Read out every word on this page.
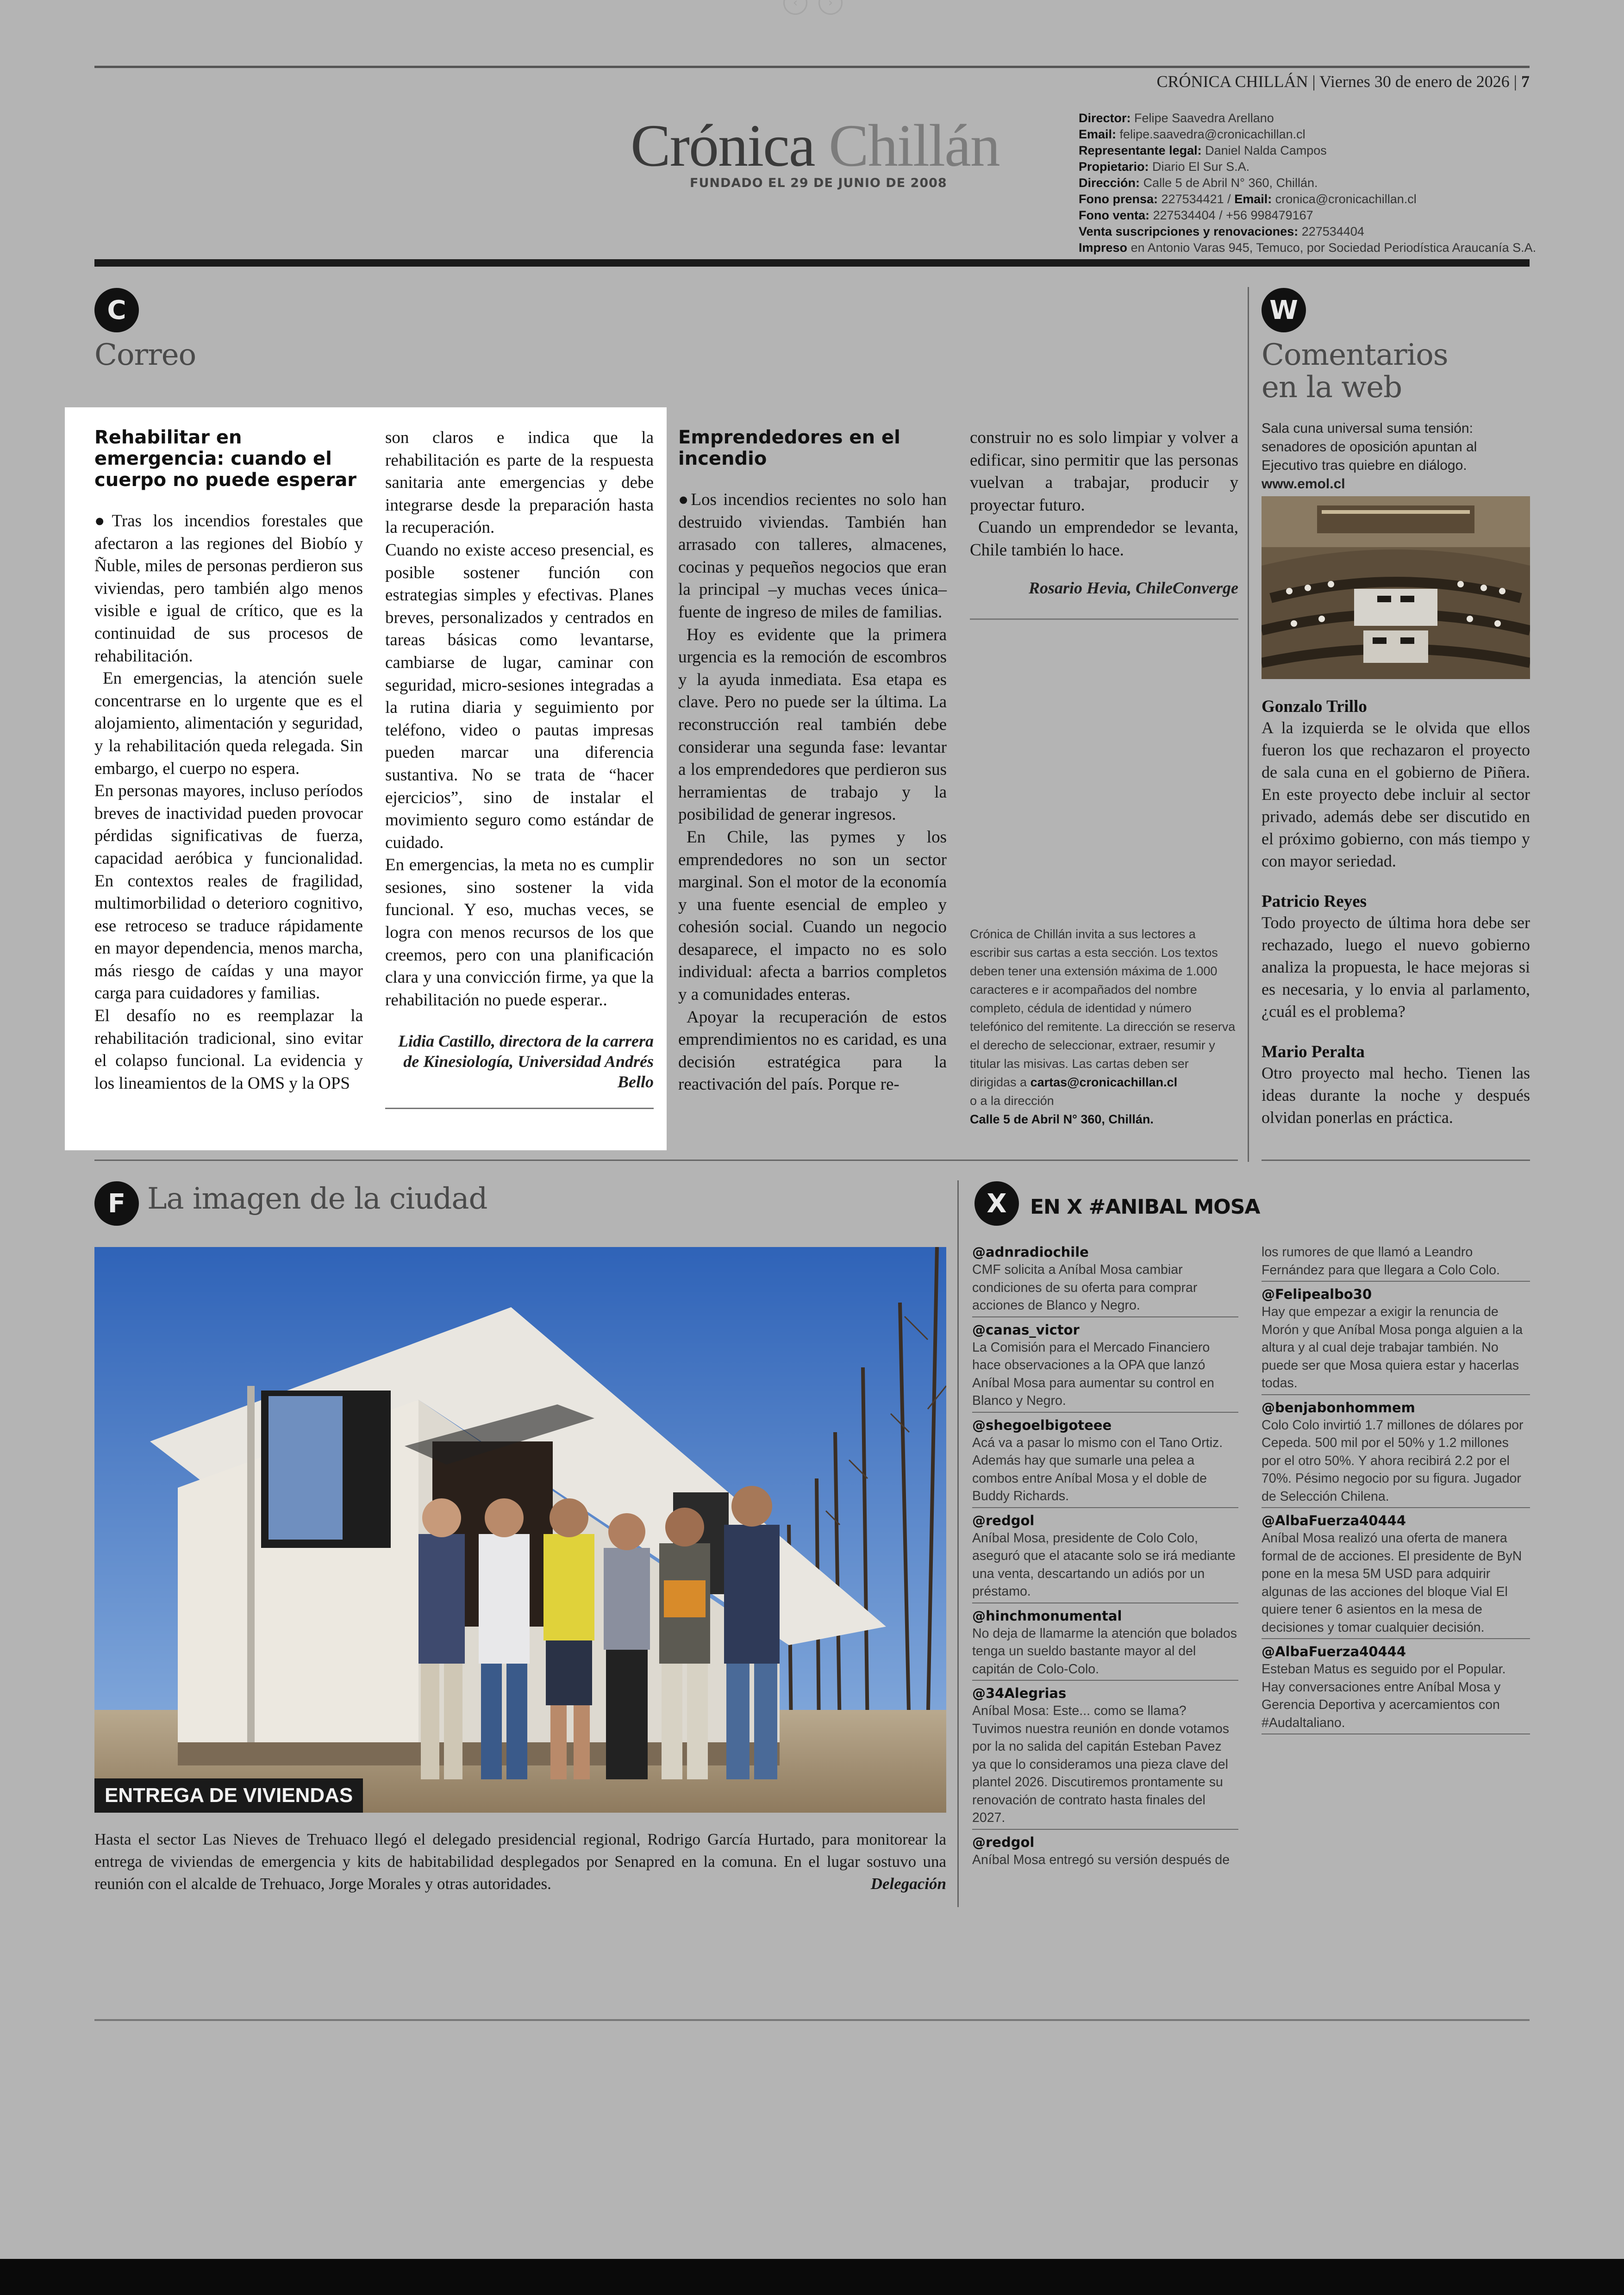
‹	›
CRÓNICA CHILLÁN | Viernes 30 de enero de 2026 | 7
Crónica Chillán
FUNDADO EL 29 DE JUNIO DE 2008
Director: Felipe Saavedra Arellano
Email: felipe.saavedra@cronicachillan.cl
Representante legal: Daniel Nalda Campos
Propietario: Diario El Sur S.A.
Dirección: Calle 5 de Abril N° 360, Chillán.
Fono prensa: 227534421 / Email: cronica@cronicachillan.cl
Fono venta: 227534404 / +56 998479167
Venta suscripciones y renovaciones: 227534404
Impreso en Antonio Varas 945, Temuco, por Sociedad Periodística Araucanía S.A.
C
Correo
Rehabilitar en emergencia: cuando el cuerpo no puede esperar

●Tras los incendios forestales que afectaron a las regiones del Biobío y Ñuble, miles de personas perdieron sus viviendas, pero también algo menos visible e igual de crítico, que es la continuidad de sus procesos de rehabilitación.

En emergencias, la atención suele concentrarse en lo urgente que es el alojamiento, alimentación y seguridad, y la rehabilitación queda relegada. Sin embargo, el cuerpo no espera.

En personas mayores, incluso períodos breves de inactividad pueden provocar pérdidas significativas de fuerza, capacidad aeróbica y funcionalidad. En contextos reales de fragilidad, multimorbilidad o deterioro cognitivo, ese retroceso se traduce rápidamente en mayor dependencia, menos marcha, más riesgo de caídas y una mayor carga para cuidadores y familias.

El desafío no es reemplazar la rehabilitación tradicional, sino evitar el colapso funcional. La evidencia y los lineamientos de la OMS y la OPS

son claros e indica que la rehabilitación es parte de la respuesta sanitaria ante emergencias y debe integrarse desde la preparación hasta la recuperación.

Cuando no existe acceso presencial, es posible sostener función con estrategias simples y efectivas. Planes breves, personalizados y centrados en tareas básicas como levantarse, cambiarse de lugar, caminar con seguridad, micro-sesiones integradas a la rutina diaria y seguimiento por teléfono, video o pautas impresas pueden marcar una diferencia sustantiva. No se trata de “hacer ejercicios”, sino de instalar el movimiento seguro como estándar de cuidado.

En emergencias, la meta no es cumplir sesiones, sino sostener la vida funcional. Y eso, muchas veces, se logra con menos recursos de los que creemos, pero con una planificación clara y una convicción firme, ya que la rehabilitación no puede esperar..

Lidia Castillo, directora de la carrera de Kinesiología, Universidad Andrés Bello
Emprendedores en el incendio

●Los incendios recientes no solo han destruido viviendas. También han arrasado con talleres, almacenes, cocinas y pequeños negocios que eran la principal –y muchas veces única– fuente de ingreso de miles de familias.

Hoy es evidente que la primera urgencia es la remoción de escombros y la ayuda inmediata. Esa etapa es clave. Pero no puede ser la última. La reconstrucción real también debe considerar una segunda fase: levantar a los emprendedores que perdieron sus herramientas de trabajo y la posibilidad de generar ingresos.

En Chile, las pymes y los emprendedores no son un sector marginal. Son el motor de la economía y una fuente esencial de empleo y cohesión social. Cuando un negocio desaparece, el impacto no es solo individual: afecta a barrios completos y a comunidades enteras.

Apoyar la recuperación de estos emprendimientos no es caridad, es una decisión estratégica para la reactivación del país. Porque re-

construir no es solo limpiar y volver a edificar, sino permitir que las personas vuelvan a trabajar, producir y proyectar futuro.

Cuando un emprendedor se levanta, Chile también lo hace.

Rosario Hevia, ChileConverge
Crónica de Chillán invita a sus lectores a escribir sus cartas a esta sección. Los textos deben tener una extensión máxima de 1.000 caracteres e ir acompañados del nombre completo, cédula de identidad y número telefónico del remitente. La dirección se reserva el derecho de seleccionar, extraer, resumir y titular las misivas. Las cartas deben ser dirigidas a cartas@cronicachillan.cl
o a la dirección
Calle 5 de Abril N° 360, Chillán.
W
Comentarios
en la web
Sala cuna universal suma tensión: senadores de oposición apuntan al Ejecutivo tras quiebre en diálogo. www.emol.cl
Gonzalo Trillo
A la izquierda se le olvida que ellos fueron los que rechazaron el proyecto de sala cuna en el gobierno de Piñera. En este proyecto debe incluir al sector privado, además debe ser discutido en el próximo gobierno, con más tiempo y con mayor seriedad.
Patricio Reyes
Todo proyecto de última hora debe ser rechazado, luego el nuevo gobierno analiza la propuesta, le hace mejoras si es necesaria, y lo envia al parlamento, ¿cuál es el problema?
Mario Peralta
Otro proyecto mal hecho. Tienen las ideas durante la noche y después olvidan ponerlas en práctica.
F La imagen de la ciudad
ENTREGA DE VIVIENDAS
Hasta el sector Las Nieves de Trehuaco llegó el delegado presidencial regional, Rodrigo García Hurtado, para monitorear la entrega de viviendas de emergencia y kits de habitabilidad desplegados por Senapred en la comuna. En el lugar sostuvo una reunión con el alcalde de Trehuaco, Jorge Morales y otras autoridades.	Delegación
X	EN X #ANIBAL MOSA
@adnradiochile
CMF solicita a Aníbal Mosa cambiar condiciones de su oferta para comprar acciones de Blanco y Negro.
@canas_victor
La Comisión para el Mercado Financiero hace observaciones a la OPA que lanzó Aníbal Mosa para aumentar su control en Blanco y Negro.
@shegoelbigoteee
Acá va a pasar lo mismo con el Tano Ortiz. Además hay que sumarle una pelea a combos entre Aníbal Mosa y el doble de Buddy Richards.
@redgol
Aníbal Mosa, presidente de Colo Colo, aseguró que el atacante solo se irá mediante una venta, descartando un adiós por un préstamo.
@hinchmonumental
No deja de llamarme la atención que bolados tenga un sueldo bastante mayor al del capitán de Colo-Colo.
@34Alegrias
Aníbal Mosa: Este... como se llama? Tuvimos nuestra reunión en donde votamos por la no salida del capitán Esteban Pavez ya que lo consideramos una pieza clave del plantel 2026. Discutiremos prontamente su renovación de contrato hasta finales del 2027.
@redgol
Aníbal Mosa entregó su versión después de
los rumores de que llamó a Leandro Fernández para que llegara a Colo Colo.
@Felipealbo30
Hay que empezar a exigir la renuncia de Morón y que Aníbal Mosa ponga alguien a la altura y al cual deje trabajar también. No puede ser que Mosa quiera estar y hacerlas todas.
@benjabonhommem
Colo Colo invirtió 1.7 millones de dólares por Cepeda. 500 mil por el 50% y 1.2 millones por el otro 50%. Y ahora recibirá 2.2 por el 70%. Pésimo negocio por su figura. Jugador de Selección Chilena.
@AlbaFuerza40444
Aníbal Mosa realizó una oferta de manera formal de de acciones. El presidente de ByN pone en la mesa 5M USD para adquirir algunas de las acciones del bloque Vial El quiere tener 6 asientos en la mesa de decisiones y tomar cualquier decisión.
@AlbaFuerza40444
Esteban Matus es seguido por el Popular. Hay conversaciones entre Aníbal Mosa y Gerencia Deportiva y acercamientos con #Audaltaliano.
